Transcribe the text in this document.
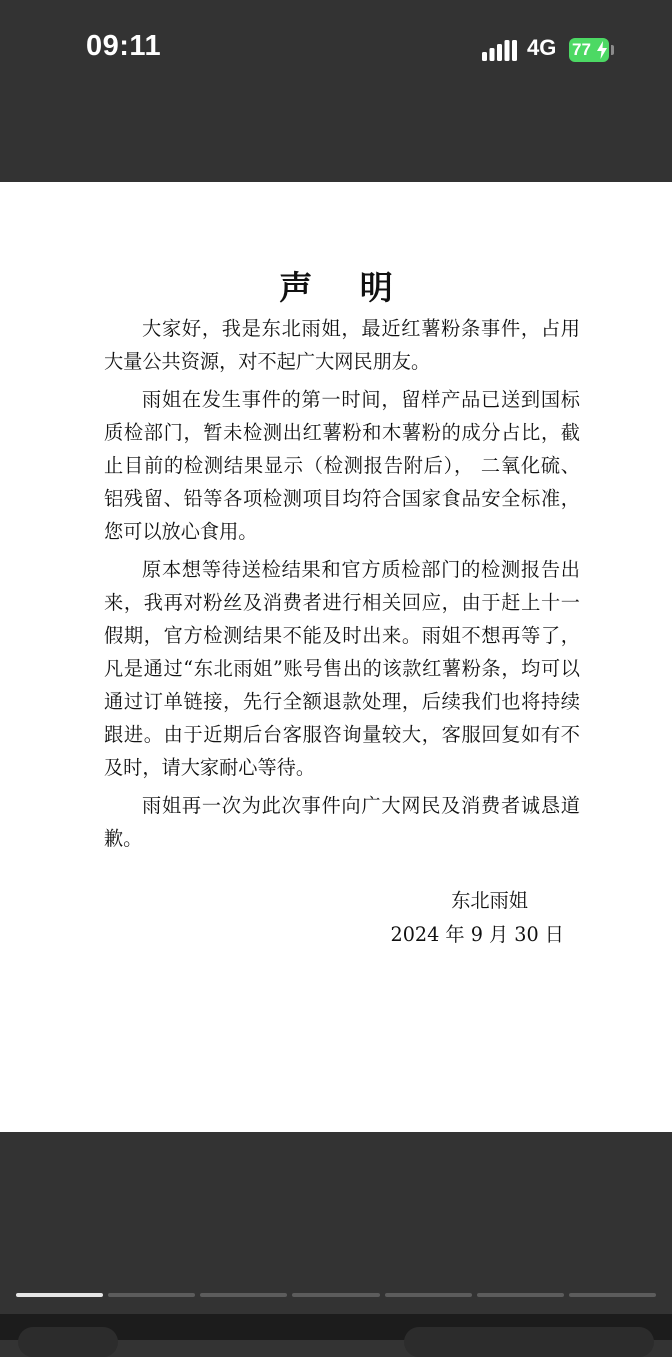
09:11	4G 77
声 明

大家好，我是东北雨姐，最近红薯粉条事件，占用大量公共资源，对不起广大网民朋友。

雨姐在发生事件的第一时间，留样产品已送到国标质检部门，暂未检测出红薯粉和木薯粉的成分占比，截止目前的检测结果显示（检测报告附后）， 二氧化硫、铝残留、铅等各项检测项目均符合国家食品安全标准，您可以放心食用。

原本想等待送检结果和官方质检部门的检测报告出来，我再对粉丝及消费者进行相关回应，由于赶上十一假期，官方检测结果不能及时出来。雨姐不想再等了，凡是通过“东北雨姐”账号售出的该款红薯粉条，均可以通过订单链接，先行全额退款处理，后续我们也将持续跟进。由于近期后台客服咨询量较大，客服回复如有不及时，请大家耐心等待。

雨姐再一次为此次事件向广大网民及消费者诚恳道歉。

东北雨姐
2024 年 9 月 30 日
